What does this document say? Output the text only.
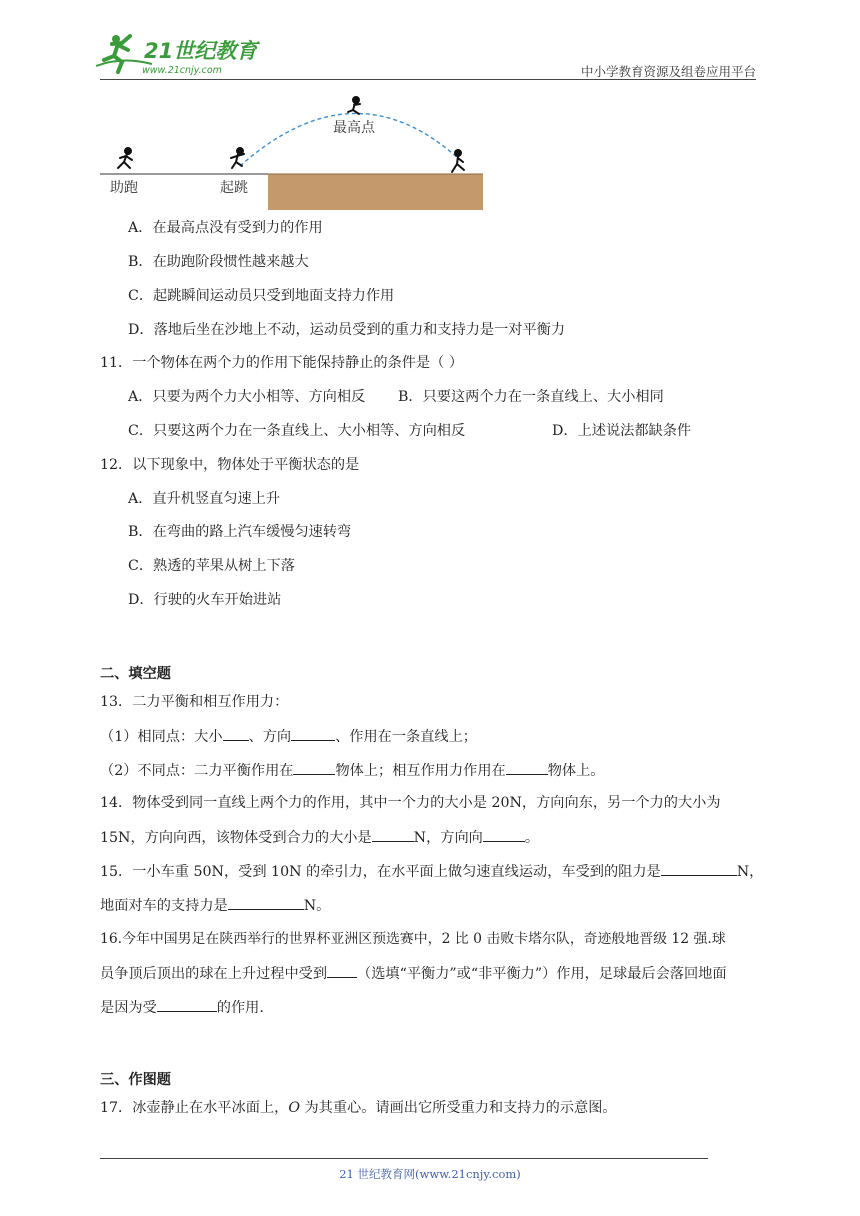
21世纪教育
www.21cnjy.com	中小学教育资源及组卷应用平台
助跑	起跳
最高点
A．在最高点没有受到力的作用
B．在助跑阶段惯性越来越大
C．起跳瞬间运动员只受到地面支持力作用
D．落地后坐在沙地上不动，运动员受到的重力和支持力是一对平衡力
11．一个物体在两个力的作用下能保持静止的条件是（ ）
A．只要为两个力大小相等、方向相反 B．只要这两个力在一条直线上、大小相同
C．只要这两个力在一条直线上、大小相等、方向相反	D．上述说法都缺条件
12．以下现象中，物体处于平衡状态的是
A．直升机竖直匀速上升
B．在弯曲的路上汽车缓慢匀速转弯
C．熟透的苹果从树上下落
D．行驶的火车开始进站
二、填空题
13．二力平衡和相互作用力：
（1）相同点：大小 、方向	、作用在一条直线上；
（2）不同点：二力平衡作用在	物体上；相互作用力作用在	物体上。
14．物体受到同一直线上两个力的作用，其中一个力的大小是 20N，方向向东，另一个力的大小为
15N，方向向西，该物体受到合力的大小是	N，方向向	。
15．一小车重 50N，受到 10N 的牵引力，在水平面上做匀速直线运动，车受到的阻力是	N，
地面对车的支持力是	N。
16.今年中国男足在陕西举行的世界杯亚洲区预选赛中，2 比 0 击败卡塔尔队，奇迹般地晋级 12 强.球
员争顶后顶出的球在上升过程中受到 （选填“平衡力”或“非平衡力”）作用，足球最后会落回地面
是因为受	的作用.
三、作图题
17．冰壶静止在水平冰面上，O 为其重心。请画出它所受重力和支持力的示意图。
21 世纪教育网(www.21cnjy.com)
